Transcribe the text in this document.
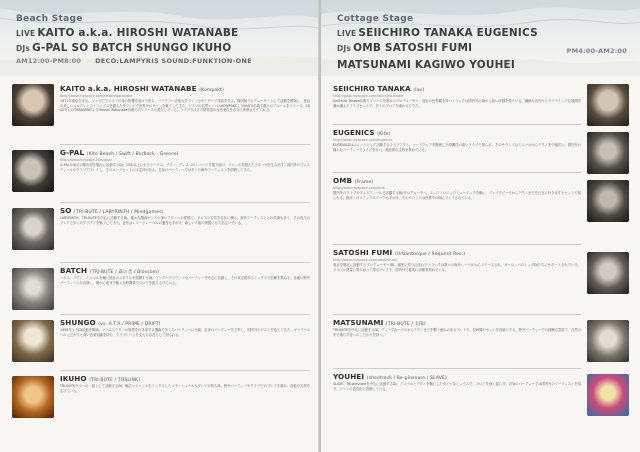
Beach Stage
LIVE KAITO a.k.a. HIROSHI WATANABE
DJs G-PAL SO BATCH SHUNGO IKUHO
AM12:00-PM8:00 DECO:LAMPYRIS SOUND:FUNKTION-ONE
KAITO a.k.a. HIROSHI WATANABE (Kompakt)
http://www.myspace.com/hiroshiwatanabe
1971年東京生まれ。ジャズピアニストの母の影響を受けて育ち、バークリー音楽大学でシンセサイザーと作曲を学ぶ。帰国後プロデューサーとして活動を開始し、独自の美しいメロディとストリングスを備えたサウンドで世界中のファンを魅了してきた。ドイツの名門レーベルKOMPAKTよりKAITO名義で数々のアルバムをリリース。2002年にはTRANSMATよりHiroshi Watanabe名義でのリリースも果たしている。ライブではその情景豊かな音楽性を存分に体感させてくれる。
G-PAL (Kite Beach / Swift / Birdlock - Greece)
http://www.myspace.com/gpal
G-PALは東京の都市部を拠点に活動するDJ。15年以上にわたりハウス、テクノ、ディスコのレコードを掘り続け、ジャンルを超えたグルーヴを生み出す。国内外のフェスティバルやクラブでプレイし、そのロングセットには定評がある。自身のパーティーでは多くの海外アーティストを招聘してきた。
SO (TRI-BUTE / LABYRINTH / Mindgames)
LABYRINTH、TRI-BUTEを中心に活動するDJ。確かな選曲センスと深いテクノへの愛情で、フロアの空気を自在に操る。海外アーティストとの共演も多く、その長尺のプレイで多くのクラウドを魅了してきた。近年はレコードレーベルの運営も手がけ、新しい才能の発掘にも力を注いでいる。
BATCH (TRI-BUTE / 森の音 / Blossom)
ハウス、テクノ、ミニマルを軸に独自のスタイルを展開するDJ。アンダーグラウンドなパーティーを中心に活動し、その安定感あるミックスで信頼を集める。各地の野外パーティーにも出演し、朝から夜まで様々な時間帯でフロアを盛り上げている。
SHUNGO (vs. A.T.A / PRIME / DRIFT)
1995年よりDJ活動を開始。ハウスとテクノの境界を行き来する選曲で多くのパーティーに出演。自身のパーティーを主宰し、国内外のゲストを迎えてきた。ヴァイナルへのこだわりと深い音楽知識を持ち、クラブシーンを支える存在として知られる。
IKUHO (TRI-BUTE / TOSLINK)
TRI-BUTEクルーの一員として活動するDJ。幅広いジャンルをミックスしたエモーショナルなプレイが持ち味。野外パーティーやクラブでのプレイを重ね、各地で支持を広げている。
Cottage Stage
LIVE SEIICHIRO TANAKA EUGENICS
DJs OMB SATOSHI FUMI	PM4:00-AM2:00
MATSUNAMI KAGIWO YOUHEI
SEIICHIRO TANAKA (lax)
http://www.myspace.com/seiichirotanaka
Seiichiro Tanaka名義でリリースを重ねるプロデューサー。独自の世界観を持つトラックは国内外のDJから高い評価を得ている。繊細な音作りとダイナミックな展開を兼ね備えたライブセットで、多くのフロアを沸かせてきた。
EUGENICS (Kite)
http://www.myspace.com/eugenics
EUGENICSはユニットとして活動するライブアクト。ハードウェアを駆使した即興性の高いライブで知られ、そのサウンドはミニマルからテクノまで幅広い。国内外の様々なパーティーでライブを行い、熱狂的な支持を集めている。
OMB (Frame)
http://www.myspace.com/omb
国内外のクラブやフェスティバルで活躍するDJ/プロデューサー。エレクトロニックミュージックを軸に、ブレイクビーツからテクノまでを自在に行き来するセットで知られる。数多くのリミックスワークも手がけ、そのサウンドは世界中のDJにプレイされている。
SATOSHI FUMI (Urbantorque / Sequent Rec.)
http://www.myspace.com/satoshifumi
東京を拠点に活動するプロデューサー/DJ。緻密に作り込まれたトラックは数々の海外レーベルからリリースされ、ヨーロッパのトップDJたちにサポートされている。フロアの熱量に寄り添う丁寧なプレイで、国内外で着実に評価を高めている。
MATSUNAMI (TRI-BUTE / 太陽)
TRI-BUTEを中心に活動するDJ。ディープなハウスからテクノまでを繋ぐ流れのあるプレイで、長時間のセットを得意とする。野外パーティーでの経験も豊富で、自然の中で鳴らす音へのこだわりを持つ。
YOUHEI (sheetrock / Re-pinsnare / SLAVE)
SLAVE、Re-pinsnareを中心に活動するDJ。ミニマルとテクノを軸にしたタイトなミックスで、フロアを深く揺らす。自身のパーティーでは国内外のアーティストを招き、シーンの活性化に貢献している。
